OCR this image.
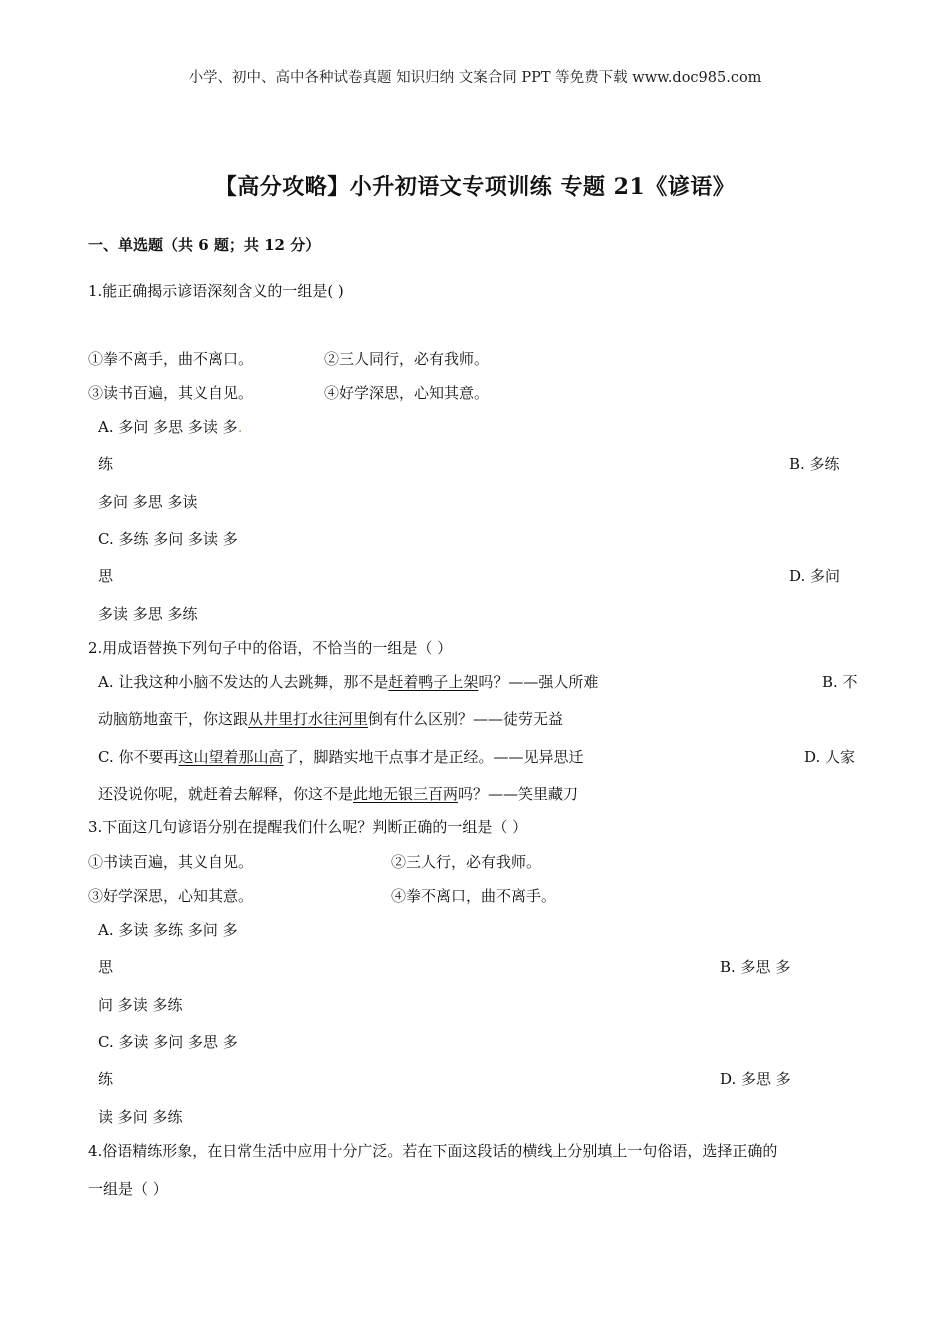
小学、初中、高中各种试卷真题 知识归纳 文案合同 PPT 等免费下载 www.doc985.com
【高分攻略】小升初语文专项训练 专题 21《谚语》
一、单选题（共 6 题；共 12 分）
1.能正确揭示谚语深刻含义的一组是( )
①拳不离手，曲不离口。	②三人同行，必有我师。
③读书百遍，其义自见。	④好学深思，心知其意。
A. 多问 多思 多读 多.
练	B. 多练
多问 多思 多读
C. 多练 多问 多读 多
思	D. 多问
多读 多思 多练
2.用成语替换下列句子中的俗语，不恰当的一组是（ ）
A. 让我这种小脑不发达的人去跳舞，那不是赶着鸭子上架吗？——强人所难	B. 不
动脑筋地蛮干，你这跟从井里打水往河里倒有什么区别？——徒劳无益
C. 你不要再这山望着那山高了，脚踏实地干点事才是正经。——见异思迁	D. 人家
还没说你呢，就赶着去解释，你这不是此地无银三百两吗？——笑里藏刀
3.下面这几句谚语分别在提醒我们什么呢？判断正确的一组是（ ）
①书读百遍，其义自见。	②三人行，必有我师。
③好学深思，心知其意。	④拳不离口，曲不离手。
A. 多读 多练 多问 多
思	B. 多思 多
问 多读 多练
C. 多读 多问 多思 多
练	D. 多思 多
读 多问 多练
4.俗语精练形象，在日常生活中应用十分广泛。若在下面这段话的横线上分别填上一句俗语，选择正确的
一组是（ ）
